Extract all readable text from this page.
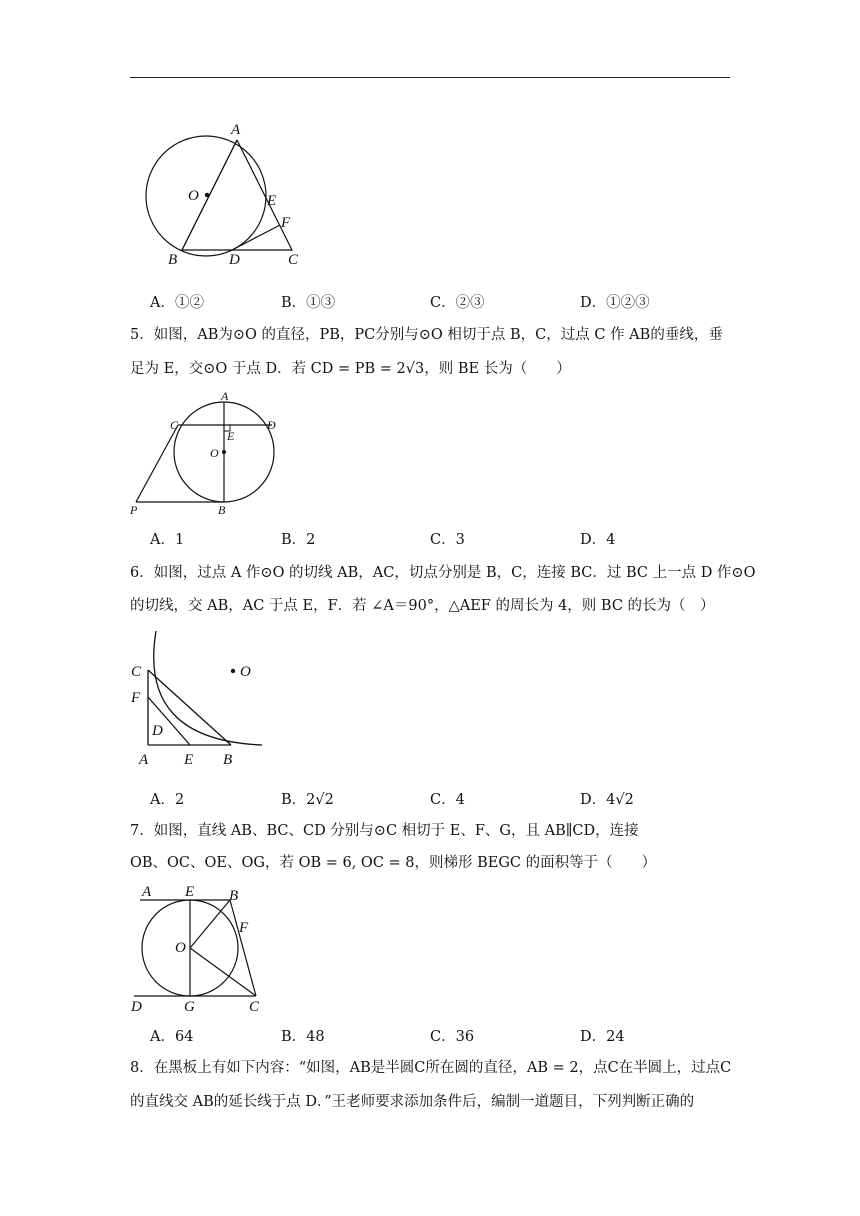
A
O	E
F
B	D	C
A．①②	B．①③	C．②③	D．①②③
5．如图，AB为⊙O 的直径，PB，PC分别与⊙O 相切于点 B，C，过点 C 作 AB的垂线，垂
足为 E，交⊙O 于点 D．若 CD = PB = 2√3，则 BE 长为（　　）
A
C
E
D
O
P	B
A．1	B．2	C．3	D．4
6．如图，过点 A 作⊙O 的切线 AB，AC，切点分别是 B，C，连接 BC．过 BC 上一点 D 作⊙O
的切线，交 AB，AC 于点 E，F．若 ∠A＝90°，△AEF 的周长为 4，则 BC 的长为（　）
C	O
F
D
A E B
A．2	B．2√2	C．4	D．4√2
7．如图，直线 AB、BC、CD 分别与⊙C 相切于 E、F、G，且 AB∥CD，连接
OB、OC、OE、OG，若 OB = 6, OC = 8，则梯形 BEGC 的面积等于（　　）
A E B
F
O
D	G	C
A．64	B．48	C．36	D．24
8．在黑板上有如下内容：“如图，AB是半圆C所在圆的直径，AB = 2，点C在半圆上，过点C
的直线交 AB的延长线于点 D．”王老师要求添加条件后，编制一道题目，下列判断正确的
